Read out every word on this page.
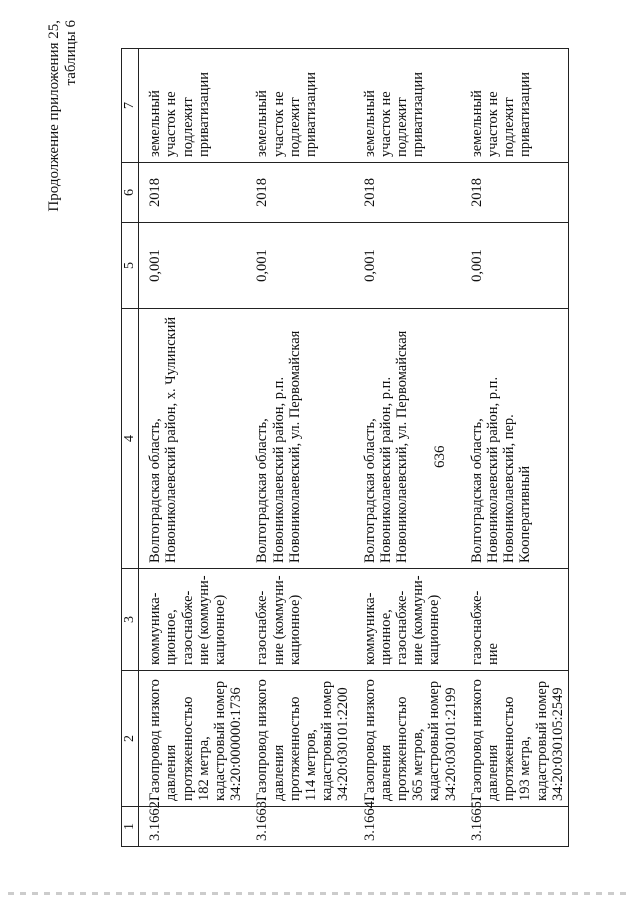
636
Продолжение приложения 25, таблицы 6
1	2	3	4	5	6	7
3.1662.	Газопровод низкого давления протяженностью 182 метра, кадастровый номер 34:20:000000:1736	коммуника- ционное, газоснабже- ние (коммуни- кационное)	Волгоградская область, Новониколаевский район, х. Чулинский	0,001	2018	земельный участок не подлежит приватизации
3.1663.	Газопровод низкого давления протяженностью 114 метров, кадастровый номер 34:20:030101:2200	газоснабже- ние (коммуни- кационное)	Волгоградская область, Новониколаевский район, р.п. Новониколаевский, ул. Первомайская	0,001	2018	земельный участок не подлежит приватизации
3.1664.	Газопровод низкого давления протяженностью 365 метров, кадастровый номер 34:20:030101:2199	коммуника- ционное, газоснабже- ние (коммуни- кационное)	Волгоградская область, Новониколаевский район, р.п. Новониколаевский, ул. Первомайская	0,001	2018	земельный участок не подлежит приватизации
3.1665.	Газопровод низкого давления протяженностью 193 метра, кадастровый номер 34:20:030105:2549	газоснабже- ние	Волгоградская область, Новониколаевский район, р.п. Новониколаевский, пер. Кооперативный	0,001	2018	земельный участок не подлежит приватизации
